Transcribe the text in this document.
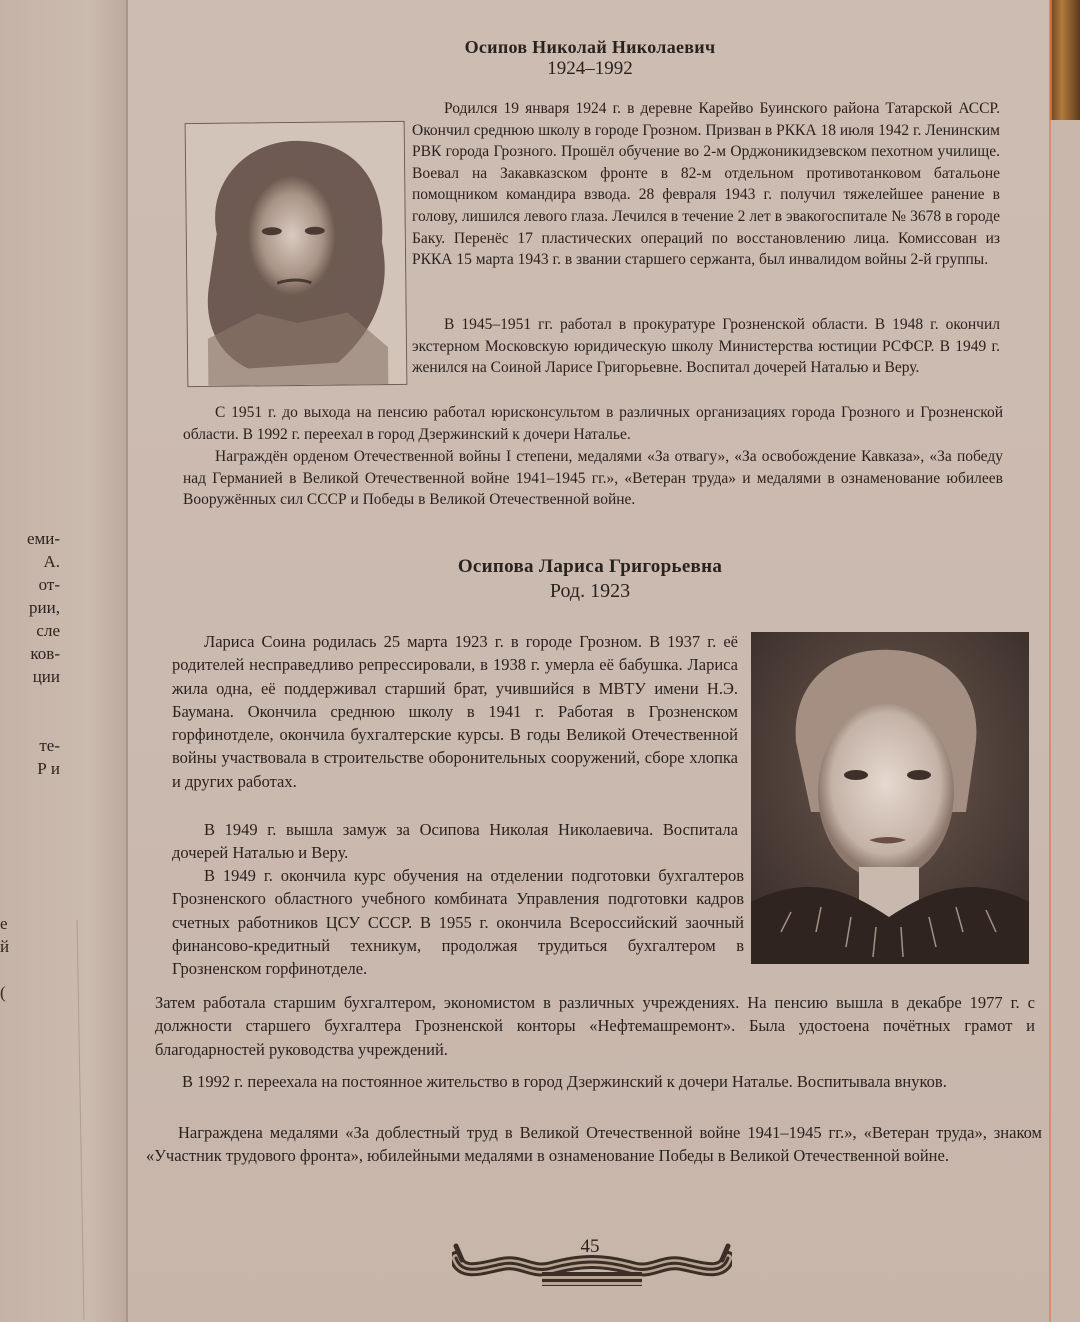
еми-
А.
от-
рии,
сле
ков-
ции
те-
Р и
е
й
(
Осипов Николай Николаевич
1924–1992

Родился 19 января 1924 г. в деревне Карейво Буинского района Татарской АССР. Окончил среднюю школу в городе Грозном. Призван в РККА 18 июля 1942 г. Ленинским РВК города Грозного. Прошёл обучение во 2-м Орджоникидзевском пехотном училище. Воевал на Закавказском фронте в 82-м отдельном противотанковом батальоне помощником командира взвода. 28 февраля 1943 г. получил тяжелейшее ранение в голову, лишился левого глаза. Лечился в течение 2 лет в эвакогоспитале № 3678 в городе Баку. Перенёс 17 пластических операций по восстановлению лица. Комиссован из РККА 15 марта 1943 г. в звании старшего сержанта, был инвалидом войны 2-й группы.

В 1945–1951 гг. работал в прокуратуре Грозненской области. В 1948 г. окончил экстерном Московскую юридическую школу Министерства юстиции РСФСР. В 1949 г. женился на Соиной Ларисе Григорьевне. Воспитал дочерей Наталью и Веру.

С 1951 г. до выхода на пенсию работал юрисконсультом в различных организациях города Грозного и Грозненской области. В 1992 г. переехал в город Дзержинский к дочери Наталье.

Награждён орденом Отечественной войны I степени, медалями «За отвагу», «За освобождение Кавказа», «За победу над Германией в Великой Отечественной войне 1941–1945 гг.», «Ветеран труда» и медалями в ознаменование юбилеев Вооружённых сил СССР и Победы в Великой Отечественной войне.

Осипова Лариса Григорьевна
Род. 1923

Лариса Соина родилась 25 марта 1923 г. в городе Грозном. В 1937 г. её родителей несправедливо репрессировали, в 1938 г. умерла её бабушка. Лариса жила одна, её поддерживал старший брат, учившийся в МВТУ имени Н.Э. Баумана. Окончила среднюю школу в 1941 г. Работая в Грозненском горфинотделе, окончила бухгалтерские курсы. В годы Великой Отечественной войны участвовала в строительстве оборонительных сооружений, сборе хлопка и других работах.

В 1949 г. вышла замуж за Осипова Николая Николаевича. Воспитала дочерей Наталью и Веру.

В 1949 г. окончила курс обучения на отделении подготовки бухгалтеров Грозненского областного учебного комбината Управления подготовки кадров счетных работников ЦСУ СССР. В 1955 г. окончила Всероссийский заочный финансово-кредитный техникум, продолжая трудиться бухгалтером в Грозненском горфинотделе.

Затем работала старшим бухгалтером, экономистом в различных учреждениях. На пенсию вышла в декабре 1977 г. с должности старшего бухгалтера Грозненской конторы «Нефтемашремонт». Была удостоена почётных грамот и благодарностей руководства учреждений.

В 1992 г. переехала на постоянное жительство в город Дзержинский к дочери Наталье. Воспитывала внуков.

Награждена медалями «За доблестный труд в Великой Отечественной войне 1941–1945 гг.», «Ветеран труда», знаком «Участник трудового фронта», юбилейными медалями в ознаменование Победы в Великой Отечественной войне.

45
